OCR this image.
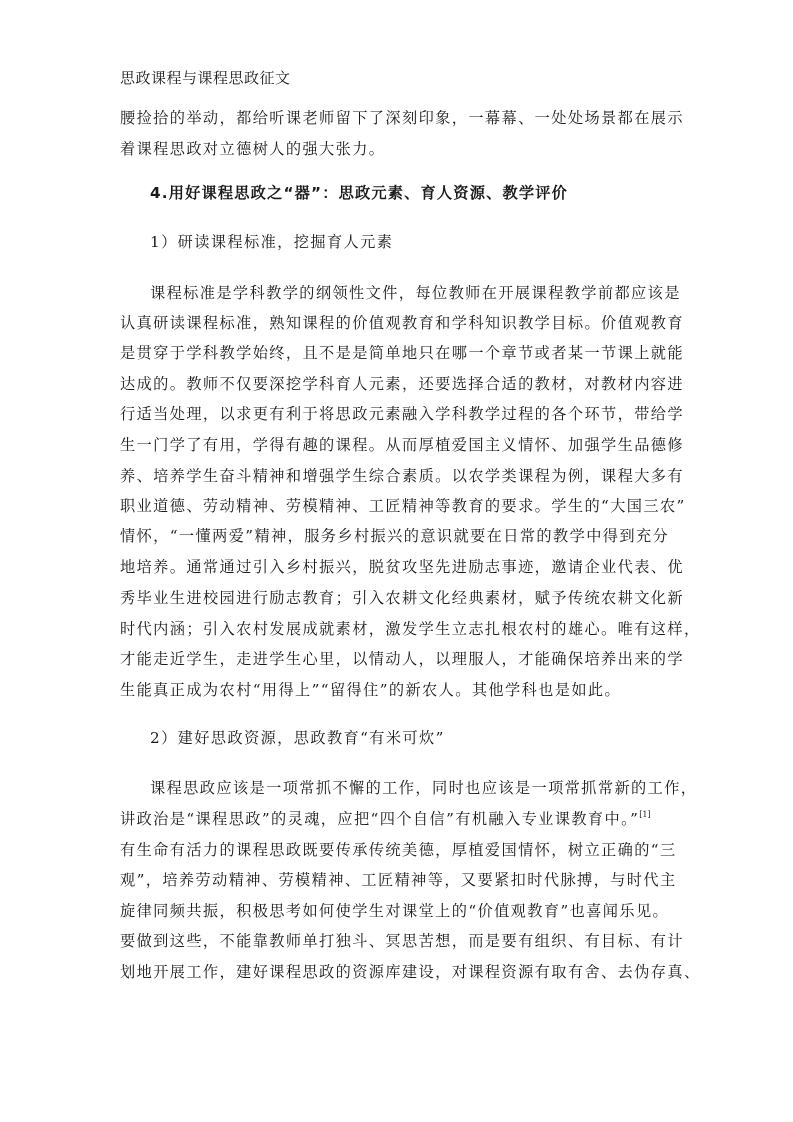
思政课程与课程思政征文
腰捡拾的举动，都给听课老师留下了深刻印象，一幕幕、一处处场景都在展示
着课程思政对立德树人的强大张力。
4.用好课程思政之“器”：思政元素、育人资源、教学评价
1）研读课程标准，挖掘育人元素
课程标准是学科教学的纲领性文件，每位教师在开展课程教学前都应该是
认真研读课程标准，熟知课程的价值观教育和学科知识教学目标。价值观教育
是贯穿于学科教学始终，且不是是简单地只在哪一个章节或者某一节课上就能
达成的。教师不仅要深挖学科育人元素，还要选择合适的教材，对教材内容进
行适当处理，以求更有利于将思政元素融入学科教学过程的各个环节，带给学
生一门学了有用，学得有趣的课程。从而厚植爱国主义情怀、加强学生品德修
养、培养学生奋斗精神和增强学生综合素质。以农学类课程为例，课程大多有
职业道德、劳动精神、劳模精神、工匠精神等教育的要求。学生的“大国三农”
情怀，“一懂两爱”精神，服务乡村振兴的意识就要在日常的教学中得到充分
地培养。通常通过引入乡村振兴，脱贫攻坚先进励志事迹，邀请企业代表、优
秀毕业生进校园进行励志教育；引入农耕文化经典素材，赋予传统农耕文化新
时代内涵；引入农村发展成就素材，激发学生立志扎根农村的雄心。唯有这样，
才能走近学生，走进学生心里，以情动人，以理服人，才能确保培养出来的学
生能真正成为农村“用得上”“留得住”的新农人。其他学科也是如此。
2）建好思政资源，思政教育“有米可炊”
课程思政应该是一项常抓不懈的工作，同时也应该是一项常抓常新的工作，
讲政治是“课程思政”的灵魂，应把“四个自信”有机融入专业课教育中。”[1]
有生命有活力的课程思政既要传承传统美德，厚植爱国情怀，树立正确的“三
观”，培养劳动精神、劳模精神、工匠精神等，又要紧扣时代脉搏，与时代主
旋律同频共振，积极思考如何使学生对课堂上的“价值观教育”也喜闻乐见。
要做到这些，不能靠教师单打独斗、冥思苦想，而是要有组织、有目标、有计
划地开展工作，建好课程思政的资源库建设，对课程资源有取有舍、去伪存真、
